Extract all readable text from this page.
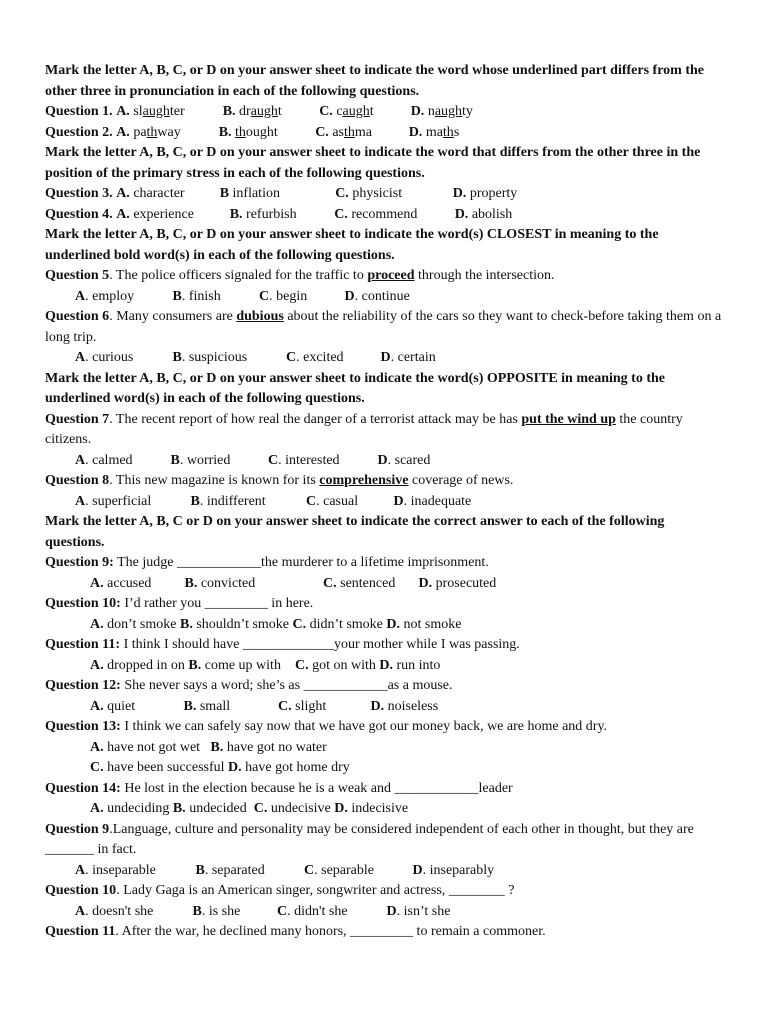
Mark the letter A, B, C, or D on your answer sheet to indicate the word whose underlined part differs from the other three in pronunciation in each of the following questions.
Question 1. A. slaughter	B. draught	C. caught	D. naughty
Question 2. A. pathway	B. thought	C. asthma	D. maths
Mark the letter A, B, C, or D on your answer sheet to indicate the word that differs from the other three in the position of the primary stress in each of the following questions.
Question 3. A. character	B inflation	C. physicist	D. property
Question 4. A. experience	B. refurbish	C. recommend	D. abolish
Mark the letter A, B, C, or D on your answer sheet to indicate the word(s) CLOSEST in meaning to the underlined bold word(s) in each of the following questions.
Question 5. The police officers signaled for the traffic to proceed through the intersection.
A. employ	B. finish	C. begin	D. continue
Question 6. Many consumers are dubious about the reliability of the cars so they want to check-before taking them on a long trip.
A. curious	B. suspicious	C. excited	D. certain
Mark the letter A, B, C, or D on your answer sheet to indicate the word(s) OPPOSITE in meaning to the underlined word(s) in each of the following questions.
Question 7. The recent report of how real the danger of a terrorist attack may be has put the wind up the country citizens.
A. calmed	B. worried	C. interested	D. scared
Question 8. This new magazine is known for its comprehensive coverage of news.
A. superficial	B. indifferent	C. casual	D. inadequate
Mark the letter A, B, C or D on your answer sheet to indicate the correct answer to each of the following questions.
Question 9: The judge ____________the murderer to a lifetime imprisonment.
A. accused B. convicted	C. sentenced D. prosecuted
Question 10: I’d rather you _________ in here.
A. don’t smoke B. shouldn’t smoke C. didn’t smoke D. not smoke
Question 11: I think I should have _____________your mother while I was passing.
A. dropped in on B. come up with    C. got on with D. run into
Question 12: She never says a word; she’s as ____________as a mouse.
A. quiet	B. small	C. slight	D. noiseless
Question 13: I think we can safely say now that we have got our money back, we are home and dry.
A. have not got wet   B. have got no water
C. have been successful D. have got home dry
Question 14: He lost in the election because he is a weak and ____________leader
A. undeciding B. undecided  C. undecisive D. indecisive
Question 9.Language, culture and personality may be considered independent of each other in thought, but they are _______ in fact.
A. inseparable	B. separated	C. separable	D. inseparably
Question 10. Lady Gaga is an American singer, songwriter and actress, ________ ?
A. doesn't she	B. is she	C. didn't she	D. isn’t she
Question 11. After the war, he declined many honors, _________ to remain a commoner.
